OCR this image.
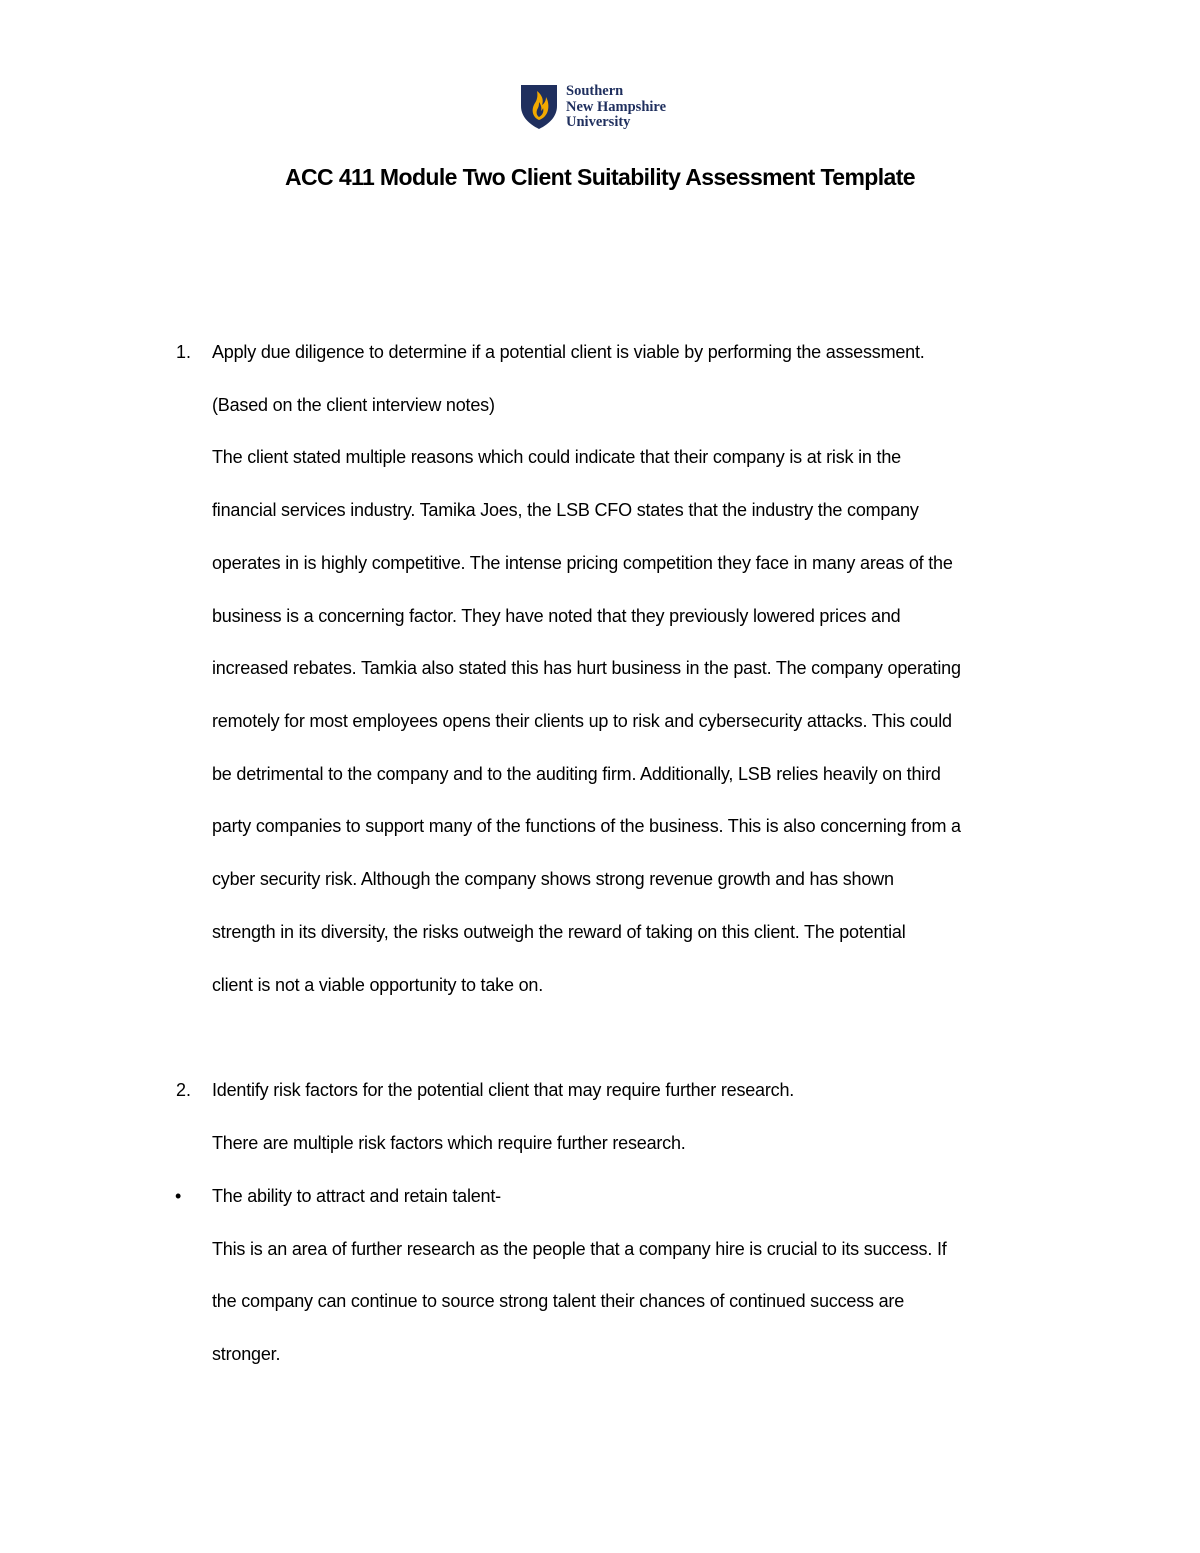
Southern
New Hampshire
University
ACC 411 Module Two Client Suitability Assessment Template
1. Apply due diligence to determine if a potential client is viable by performing the assessment.
(Based on the client interview notes)
The client stated multiple reasons which could indicate that their company is at risk in the
financial services industry. Tamika Joes, the LSB CFO states that the industry the company
operates in is highly competitive. The intense pricing competition they face in many areas of the
business is a concerning factor. They have noted that they previously lowered prices and
increased rebates. Tamkia also stated this has hurt business in the past. The company operating
remotely for most employees opens their clients up to risk and cybersecurity attacks. This could
be detrimental to the company and to the auditing firm. Additionally, LSB relies heavily on third
party companies to support many of the functions of the business. This is also concerning from a
cyber security risk. Although the company shows strong revenue growth and has shown
strength in its diversity, the risks outweigh the reward of taking on this client. The potential
client is not a viable opportunity to take on.
2. Identify risk factors for the potential client that may require further research.
There are multiple risk factors which require further research.
• The ability to attract and retain talent-
This is an area of further research as the people that a company hire is crucial to its success. If
the company can continue to source strong talent their chances of continued success are
stronger.
